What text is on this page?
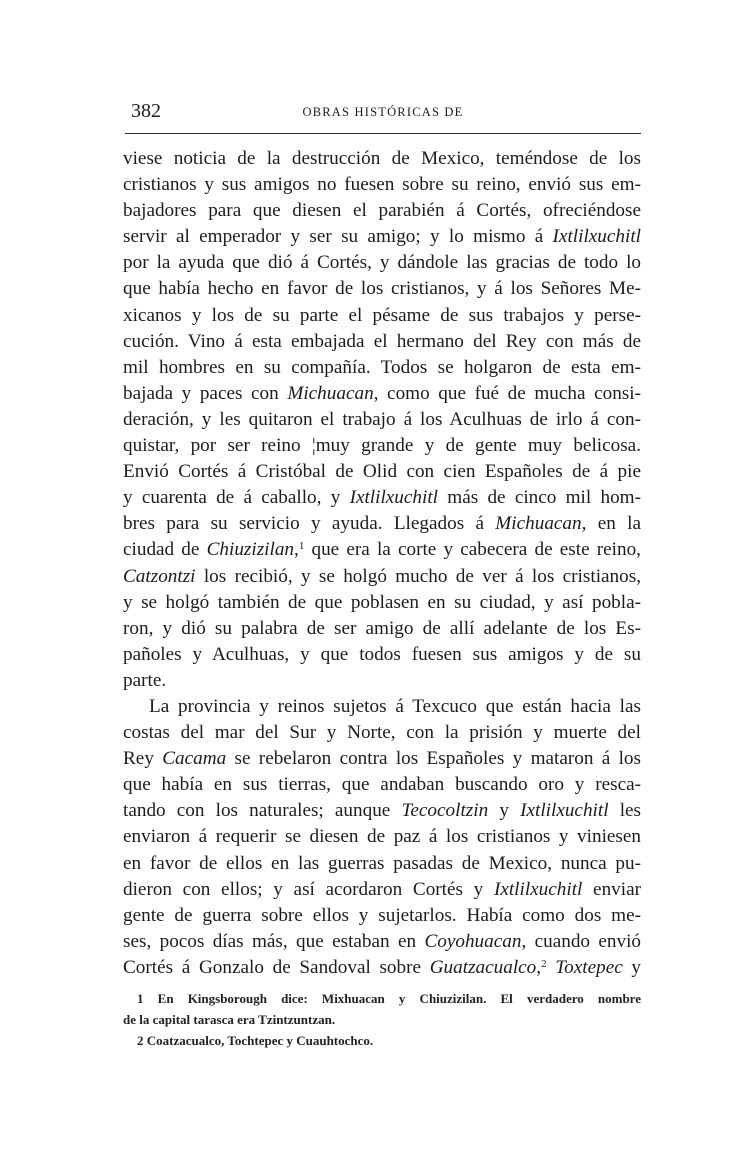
382	OBRAS HISTÓRICAS DE
viese noticia de la destrucción de Mexico, teméndose de los
cristianos y sus amigos no fuesen sobre su reino, envió sus em-
bajadores para que diesen el parabién á Cortés, ofreciéndose
servir al emperador y ser su amigo; y lo mismo á Ixtlilxuchitl
por la ayuda que dió á Cortés, y dándole las gracias de todo lo
que había hecho en favor de los cristianos, y á los Señores Me-
xicanos y los de su parte el pésame de sus trabajos y perse-
cución. Vino á esta embajada el hermano del Rey con más de
mil hombres en su compañía. Todos se holgaron de esta em-
bajada y paces con Michuacan, como que fué de mucha consi-
deración, y les quitaron el trabajo á los Aculhuas de irlo á con-
quistar, por ser reino ¦muy grande y de gente muy belicosa.
Envió Cortés á Cristóbal de Olid con cien Españoles de á pie
y cuarenta de á caballo, y Ixtlilxuchitl más de cinco mil hom-
bres para su servicio y ayuda. Llegados á Michuacan, en la
ciudad de Chiuzizilan,$^1$ que era la corte y cabecera de este reino,
Catzontzi los recibió, y se holgó mucho de ver á los cristianos,
y se holgó también de que poblasen en su ciudad, y así pobla-
ron, y dió su palabra de ser amigo de allí adelante de los Es-
pañoles y Aculhuas, y que todos fuesen sus amigos y de su
parte.
La provincia y reinos sujetos á Texcuco que están hacia las
costas del mar del Sur y Norte, con la prisión y muerte del
Rey Cacama se rebelaron contra los Españoles y mataron á los
que había en sus tierras, que andaban buscando oro y resca-
tando con los naturales; aunque Tecocoltzin y Ixtlilxuchitl les
enviaron á requerir se diesen de paz á los cristianos y viniesen
en favor de ellos en las guerras pasadas de Mexico, nunca pu-
dieron con ellos; y así acordaron Cortés y Ixtlilxuchitl enviar
gente de guerra sobre ellos y sujetarlos. Había como dos me-
ses, pocos días más, que estaban en Coyohuacan, cuando envió
Cortés á Gonzalo de Sandoval sobre Guatzacualco,$^2$ Toxtepec y
1 En Kingsborough dice: Mixhuacan y Chiuzizilan. El verdadero nombre
de la capital tarasca era Tzintzuntzan.
2 Coatzacualco, Tochtepec y Cuauhtochco.
